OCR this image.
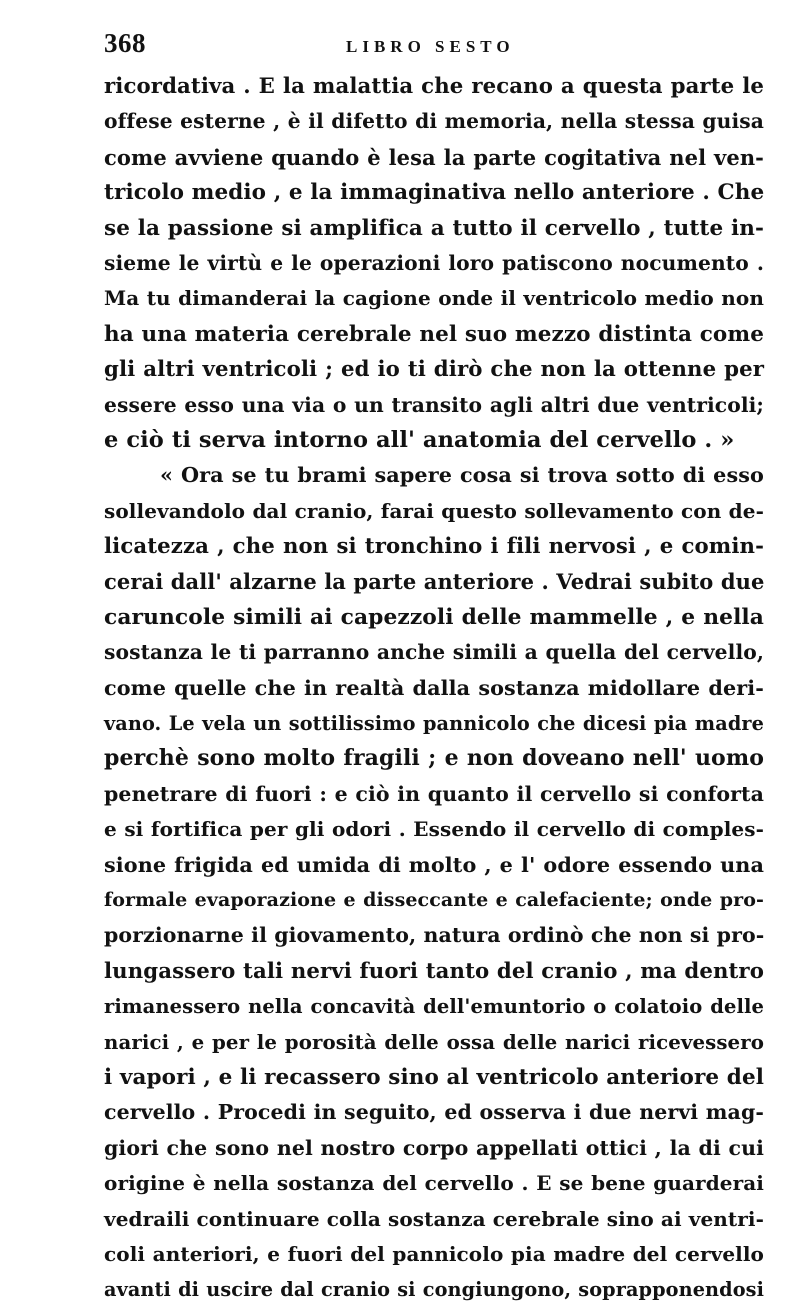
368	LIBRO SESTO
ricordativa . E la malattia che recano a questa parte le
offese esterne , è il difetto di memoria, nella stessa guisa
come avviene quando è lesa la parte cogitativa nel ven-
tricolo medio , e la immaginativa nello anteriore . Che
se la passione si amplifica a tutto il cervello , tutte in-
sieme le virtù e le operazioni loro patiscono nocumento .
Ma tu dimanderai la cagione onde il ventricolo medio non
ha una materia cerebrale nel suo mezzo distinta come
gli altri ventricoli ; ed io ti dirò che non la ottenne per
essere esso una via o un transito agli altri due ventricoli;
e ciò ti serva intorno all' anatomia del cervello . »
« Ora se tu brami sapere cosa si trova sotto di esso
sollevandolo dal cranio, farai questo sollevamento con de-
licatezza , che non si tronchino i fili nervosi , e comin-
cerai dall' alzarne la parte anteriore . Vedrai subito due
caruncole simili ai capezzoli delle mammelle , e nella
sostanza le ti parranno anche simili a quella del cervello,
come quelle che in realtà dalla sostanza midollare deri-
vano. Le vela un sottilissimo pannicolo che dicesi pia madre
perchè sono molto fragili ; e non doveano nell' uomo
penetrare di fuori : e ciò in quanto il cervello si conforta
e si fortifica per gli odori . Essendo il cervello di comples-
sione frigida ed umida di molto , e l' odore essendo una
formale evaporazione e disseccante e calefaciente; onde pro-
porzionarne il giovamento, natura ordinò che non si pro-
lungassero tali nervi fuori tanto del cranio , ma dentro
rimanessero nella concavità dell'emuntorio o colatoio delle
narici , e per le porosità delle ossa delle narici ricevessero
i vapori , e li recassero sino al ventricolo anteriore del
cervello . Procedi in seguito, ed osserva i due nervi mag-
giori che sono nel nostro corpo appellati ottici , la di cui
origine è nella sostanza del cervello . E se bene guarderai
vedraili continuare colla sostanza cerebrale sino ai ventri-
coli anteriori, e fuori del pannicolo pia madre del cervello
avanti di uscire dal cranio si congiungono, soprapponendosi
